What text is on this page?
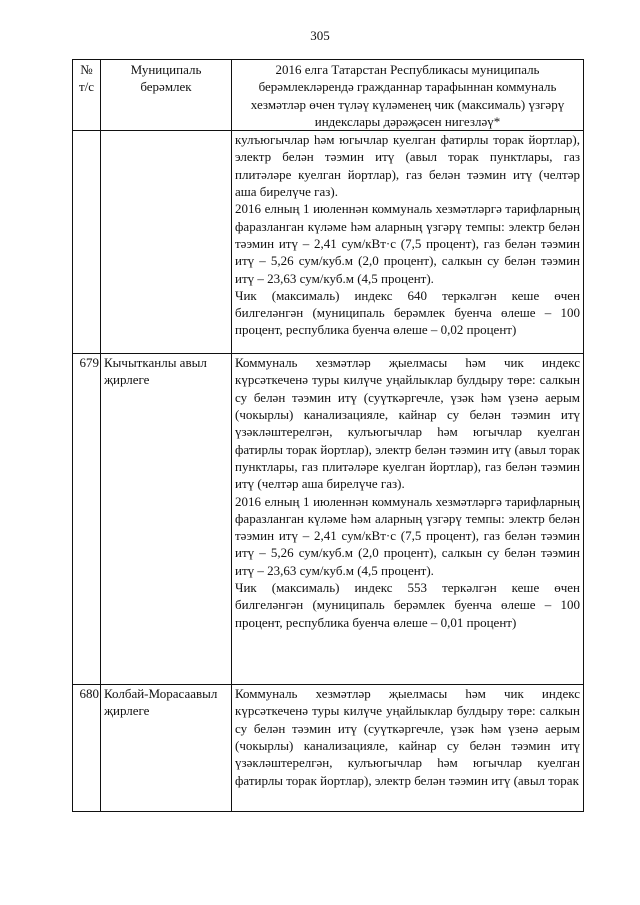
305
№ т/с	Муниципаль берәмлек	2016 елга Татарстан Республикасы муниципаль берәмлекләрендә гражданнар тарафыннан коммуналь хезмәтләр өчен түләү күләменең чик (максималь) үзгәрү индекслары дәрәҗәсен нигезләү*

		кулъюгычлар һәм югычлар куелган фатирлы торак йортлар), электр белән тәэмин итү (авыл торак пунктлары, газ плитәләре куелган йортлар), газ белән тәэмин итү (челтәр аша бирелүче газ).

2016 елның 1 июленнән коммуналь хезмәтләргә тарифларның фаразланган күләме һәм аларның үзгәрү темпы: электр белән тәэмин итү – 2,41 сум/кВт·с (7,5 процент), газ белән тәэмин итү – 5,26 сум/куб.м (2,0 процент), салкын су белән тәэмин итү – 23,63 сум/куб.м (4,5 процент).

Чик (максималь) индекс 640 теркәлгән кеше өчен билгеләнгән (муниципаль берәмлек буенча өлеше – 100 процент, республика буенча өлеше – 0,02 процент)

679	Кычытканлы авыл җирлеге	Коммуналь хезмәтләр җыелмасы һәм чик индекс күрсәткеченә туры килүче уңайлыклар булдыру төре: салкын су белән тәэмин итү (суүткәргечле, үзәк һәм үзенә аерым (чокырлы) канализацияле, кайнар су белән тәэмин итү үзәкләштерелгән, кулъюгычлар һәм югычлар куелган фатирлы торак йортлар), электр белән тәэмин итү (авыл торак пунктлары, газ плитәләре куелган йортлар), газ белән тәэмин итү (челтәр аша бирелүче газ).

2016 елның 1 июленнән коммуналь хезмәтләргә тарифларның фаразланган күләме һәм аларның үзгәрү темпы: электр белән тәэмин итү – 2,41 сум/кВт·с (7,5 процент), газ белән тәэмин итү – 5,26 сум/куб.м (2,0 процент), салкын су белән тәэмин итү – 23,63 сум/куб.м (4,5 процент).

Чик (максималь) индекс 553 теркәлгән кеше өчен билгеләнгән (муниципаль берәмлек буенча өлеше – 100 процент, республика буенча өлеше – 0,01 процент)

680	Колбай-Морасаавыл җирлеге	Коммуналь хезмәтләр җыелмасы һәм чик индекс күрсәткеченә туры килүче уңайлыклар булдыру төре: салкын су белән тәэмин итү (суүткәргечле, үзәк һәм үзенә аерым (чокырлы) канализацияле, кайнар су белән тәэмин итү үзәкләштерелгән, кулъюгычлар һәм югычлар куелган фатирлы торак йортлар), электр белән тәэмин итү (авыл торак
